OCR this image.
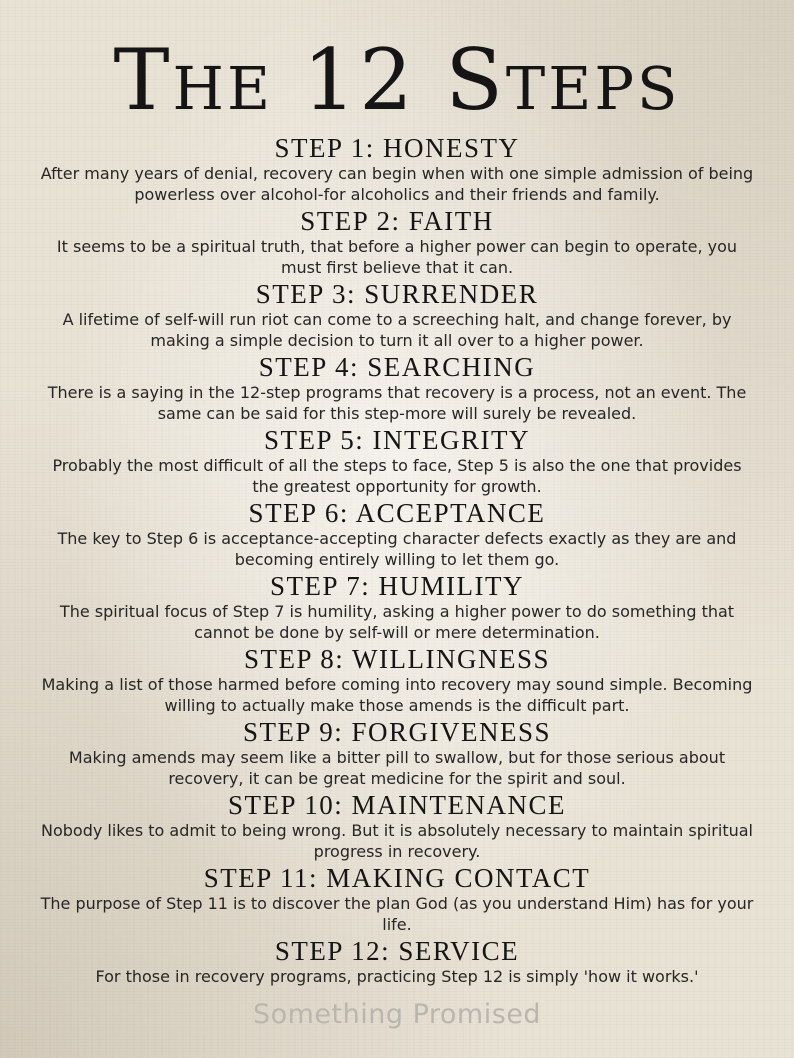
The 12 Steps
STEP 1: HONESTY

After many years of denial, recovery can begin when with one simple admission of being powerless over alcohol-for alcoholics and their friends and family.

STEP 2: FAITH

It seems to be a spiritual truth, that before a higher power can begin to operate, you must first believe that it can.

STEP 3: SURRENDER

A lifetime of self-will run riot can come to a screeching halt, and change forever, by making a simple decision to turn it all over to a higher power.

STEP 4: SEARCHING

There is a saying in the 12-step programs that recovery is a process, not an event. The same can be said for this step-more will surely be revealed.

STEP 5: INTEGRITY

Probably the most difficult of all the steps to face, Step 5 is also the one that provides the greatest opportunity for growth.

STEP 6: ACCEPTANCE

The key to Step 6 is acceptance-accepting character defects exactly as they are and becoming entirely willing to let them go.

STEP 7: HUMILITY

The spiritual focus of Step 7 is humility, asking a higher power to do something that cannot be done by self-will or mere determination.

STEP 8: WILLINGNESS

Making a list of those harmed before coming into recovery may sound simple. Becoming willing to actually make those amends is the difficult part.

STEP 9: FORGIVENESS

Making amends may seem like a bitter pill to swallow, but for those serious about recovery, it can be great medicine for the spirit and soul.

STEP 10: MAINTENANCE

Nobody likes to admit to being wrong. But it is absolutely necessary to maintain spiritual progress in recovery.

STEP 11: MAKING CONTACT

The purpose of Step 11 is to discover the plan God (as you understand Him) has for your life.

STEP 12: SERVICE

For those in recovery programs, practicing Step 12 is simply 'how it works.'

Something Promised
